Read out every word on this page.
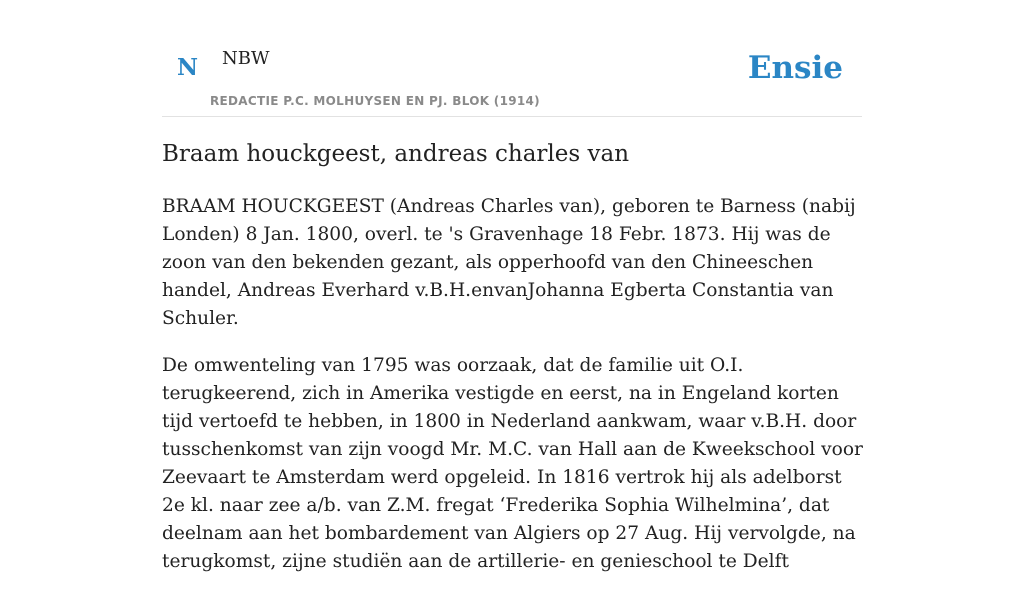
N NBW
REDACTIE P.C. MOLHUYSEN EN PJ. BLOK (1914)
Ensie
Braam houckgeest, andreas charles van

BRAAM HOUCKGEEST (Andreas Charles van), geboren te Barness (nabij Londen) 8 Jan. 1800, overl. te 's Gravenhage 18 Febr. 1873. Hij was de zoon van den bekenden gezant, als opperhoofd van den Chineeschen handel, Andreas Everhard v.B.H.envanJohanna Egberta Constantia van Schuler.

De omwenteling van 1795 was oorzaak, dat de familie uit O.I. terugkeerend, zich in Amerika vestigde en eerst, na in Engeland korten tijd vertoefd te hebben, in 1800 in Nederland aankwam, waar v.B.H. door tusschenkomst van zijn voogd Mr. M.C. van Hall aan de Kweekschool voor Zeevaart te Amsterdam werd opgeleid. In 1816 vertrok hij als adelborst 2e kl. naar zee a/b. van Z.M. fregat ‘Frederika Sophia Wilhelmina’, dat deelnam aan het bombardement van Algiers op 27 Aug. Hij vervolgde, na terugkomst, zijne studiën aan de artillerie- en genieschool te Delft
